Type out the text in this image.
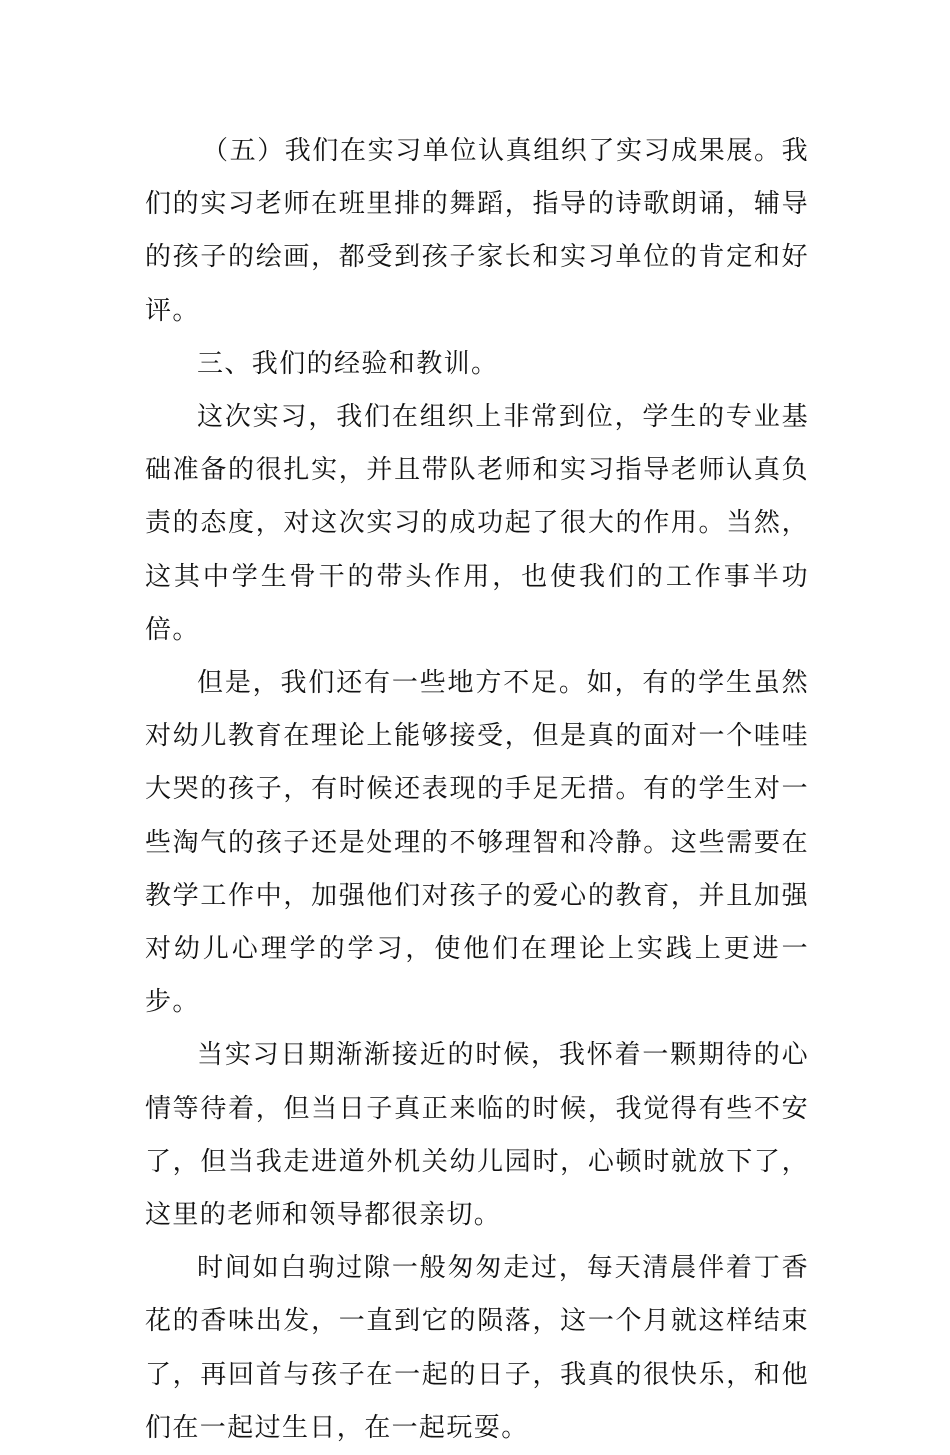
（五）我们在实习单位认真组织了实习成果展。我们的实习老师在班里排的舞蹈，指导的诗歌朗诵，辅导的孩子的绘画，都受到孩子家长和实习单位的肯定和好评。

三、我们的经验和教训。

这次实习，我们在组织上非常到位，学生的专业基础准备的很扎实，并且带队老师和实习指导老师认真负责的态度，对这次实习的成功起了很大的作用。当然，这其中学生骨干的带头作用，也使我们的工作事半功倍。

但是，我们还有一些地方不足。如，有的学生虽然对幼儿教育在理论上能够接受，但是真的面对一个哇哇大哭的孩子，有时候还表现的手足无措。有的学生对一些淘气的孩子还是处理的不够理智和冷静。这些需要在教学工作中，加强他们对孩子的爱心的教育，并且加强对幼儿心理学的学习，使他们在理论上实践上更进一步。

当实习日期渐渐接近的时候，我怀着一颗期待的心情等待着，但当日子真正来临的时候，我觉得有些不安了，但当我走进道外机关幼儿园时，心顿时就放下了，这里的老师和领导都很亲切。

时间如白驹过隙一般匆匆走过，每天清晨伴着丁香花的香味出发，一直到它的陨落，这一个月就这样结束了，再回首与孩子在一起的日子，我真的很快乐，和他们在一起过生日，在一起玩耍。
